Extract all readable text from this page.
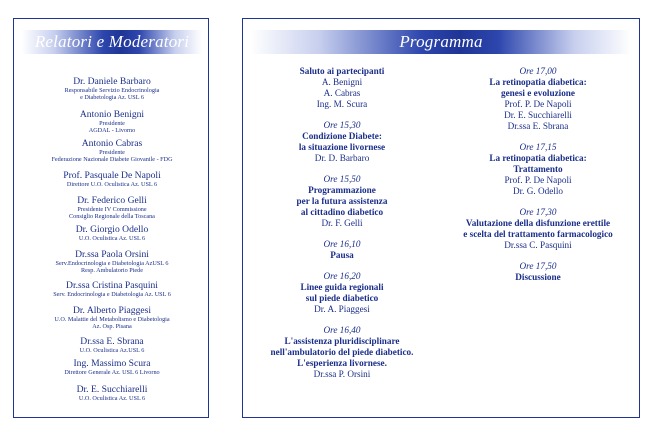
Relatori e Moderatori
Dr. Daniele Barbaro
Responsabile Servizio Endocrinologia
e Diabetologia Az. USL 6
Antonio Benigni
Presidente
AGDAL - Livorno
Antonio Cabras
Presidente
Federazione Nazionale Diabete Giovanile - FDG
Prof. Pasquale De Napoli
Direttore U.O. Oculistica Az. USL 6
Dr. Federico Gelli
Presidente IV Commissione
Consiglio Regionale della Toscana
Dr. Giorgio Odello
U.O. Oculistica Az. USL 6
Dr.ssa Paola Orsini
Serv.Endocrinologia e Diabetologia AzUSL 6
Resp. Ambulatorio Piede
Dr.ssa Cristina Pasquini
Serv. Endocrinologia e Diabetologia Az. USL 6
Dr. Alberto Piaggesi
U.O. Malattie del Metabolismo e Diabetologia
Az. Osp. Pisana
Dr.ssa E. Sbrana
U.O. Oculistica Az.USL 6
Ing. Massimo Scura
Direttore Generale Az. USL 6 Livorno
Dr. E. Succhiarelli
U.O. Oculistica Az. USL 6
Programma
Saluto ai partecipanti
A. Benigni
A. Cabras
Ing. M. Scura
Ore 15,30
Condizione Diabete:
la situazione livornese
Dr. D. Barbaro
Ore 15,50
Programmazione
per la futura assistenza
al cittadino diabetico
Dr. F. Gelli
Ore 16,10
Pausa
Ore 16,20
Linee guida regionali
sul piede diabetico
Dr. A. Piaggesi
Ore 16,40
L'assistenza pluridisciplinare
nell'ambulatorio del piede diabetico.
L'esperienza livornese.
Dr.ssa P. Orsini
Ore 17,00
La retinopatia diabetica:
genesi e evoluzione
Prof. P. De Napoli
Dr. E. Succhiarelli
Dr.ssa E. Sbrana
Ore 17,15
La retinopatia diabetica:
Trattamento
Prof. P. De Napoli
Dr. G. Odello
Ore 17,30
Valutazione della disfunzione erettile
e scelta del trattamento farmacologico
Dr.ssa C. Pasquini
Ore 17,50
Discussione
